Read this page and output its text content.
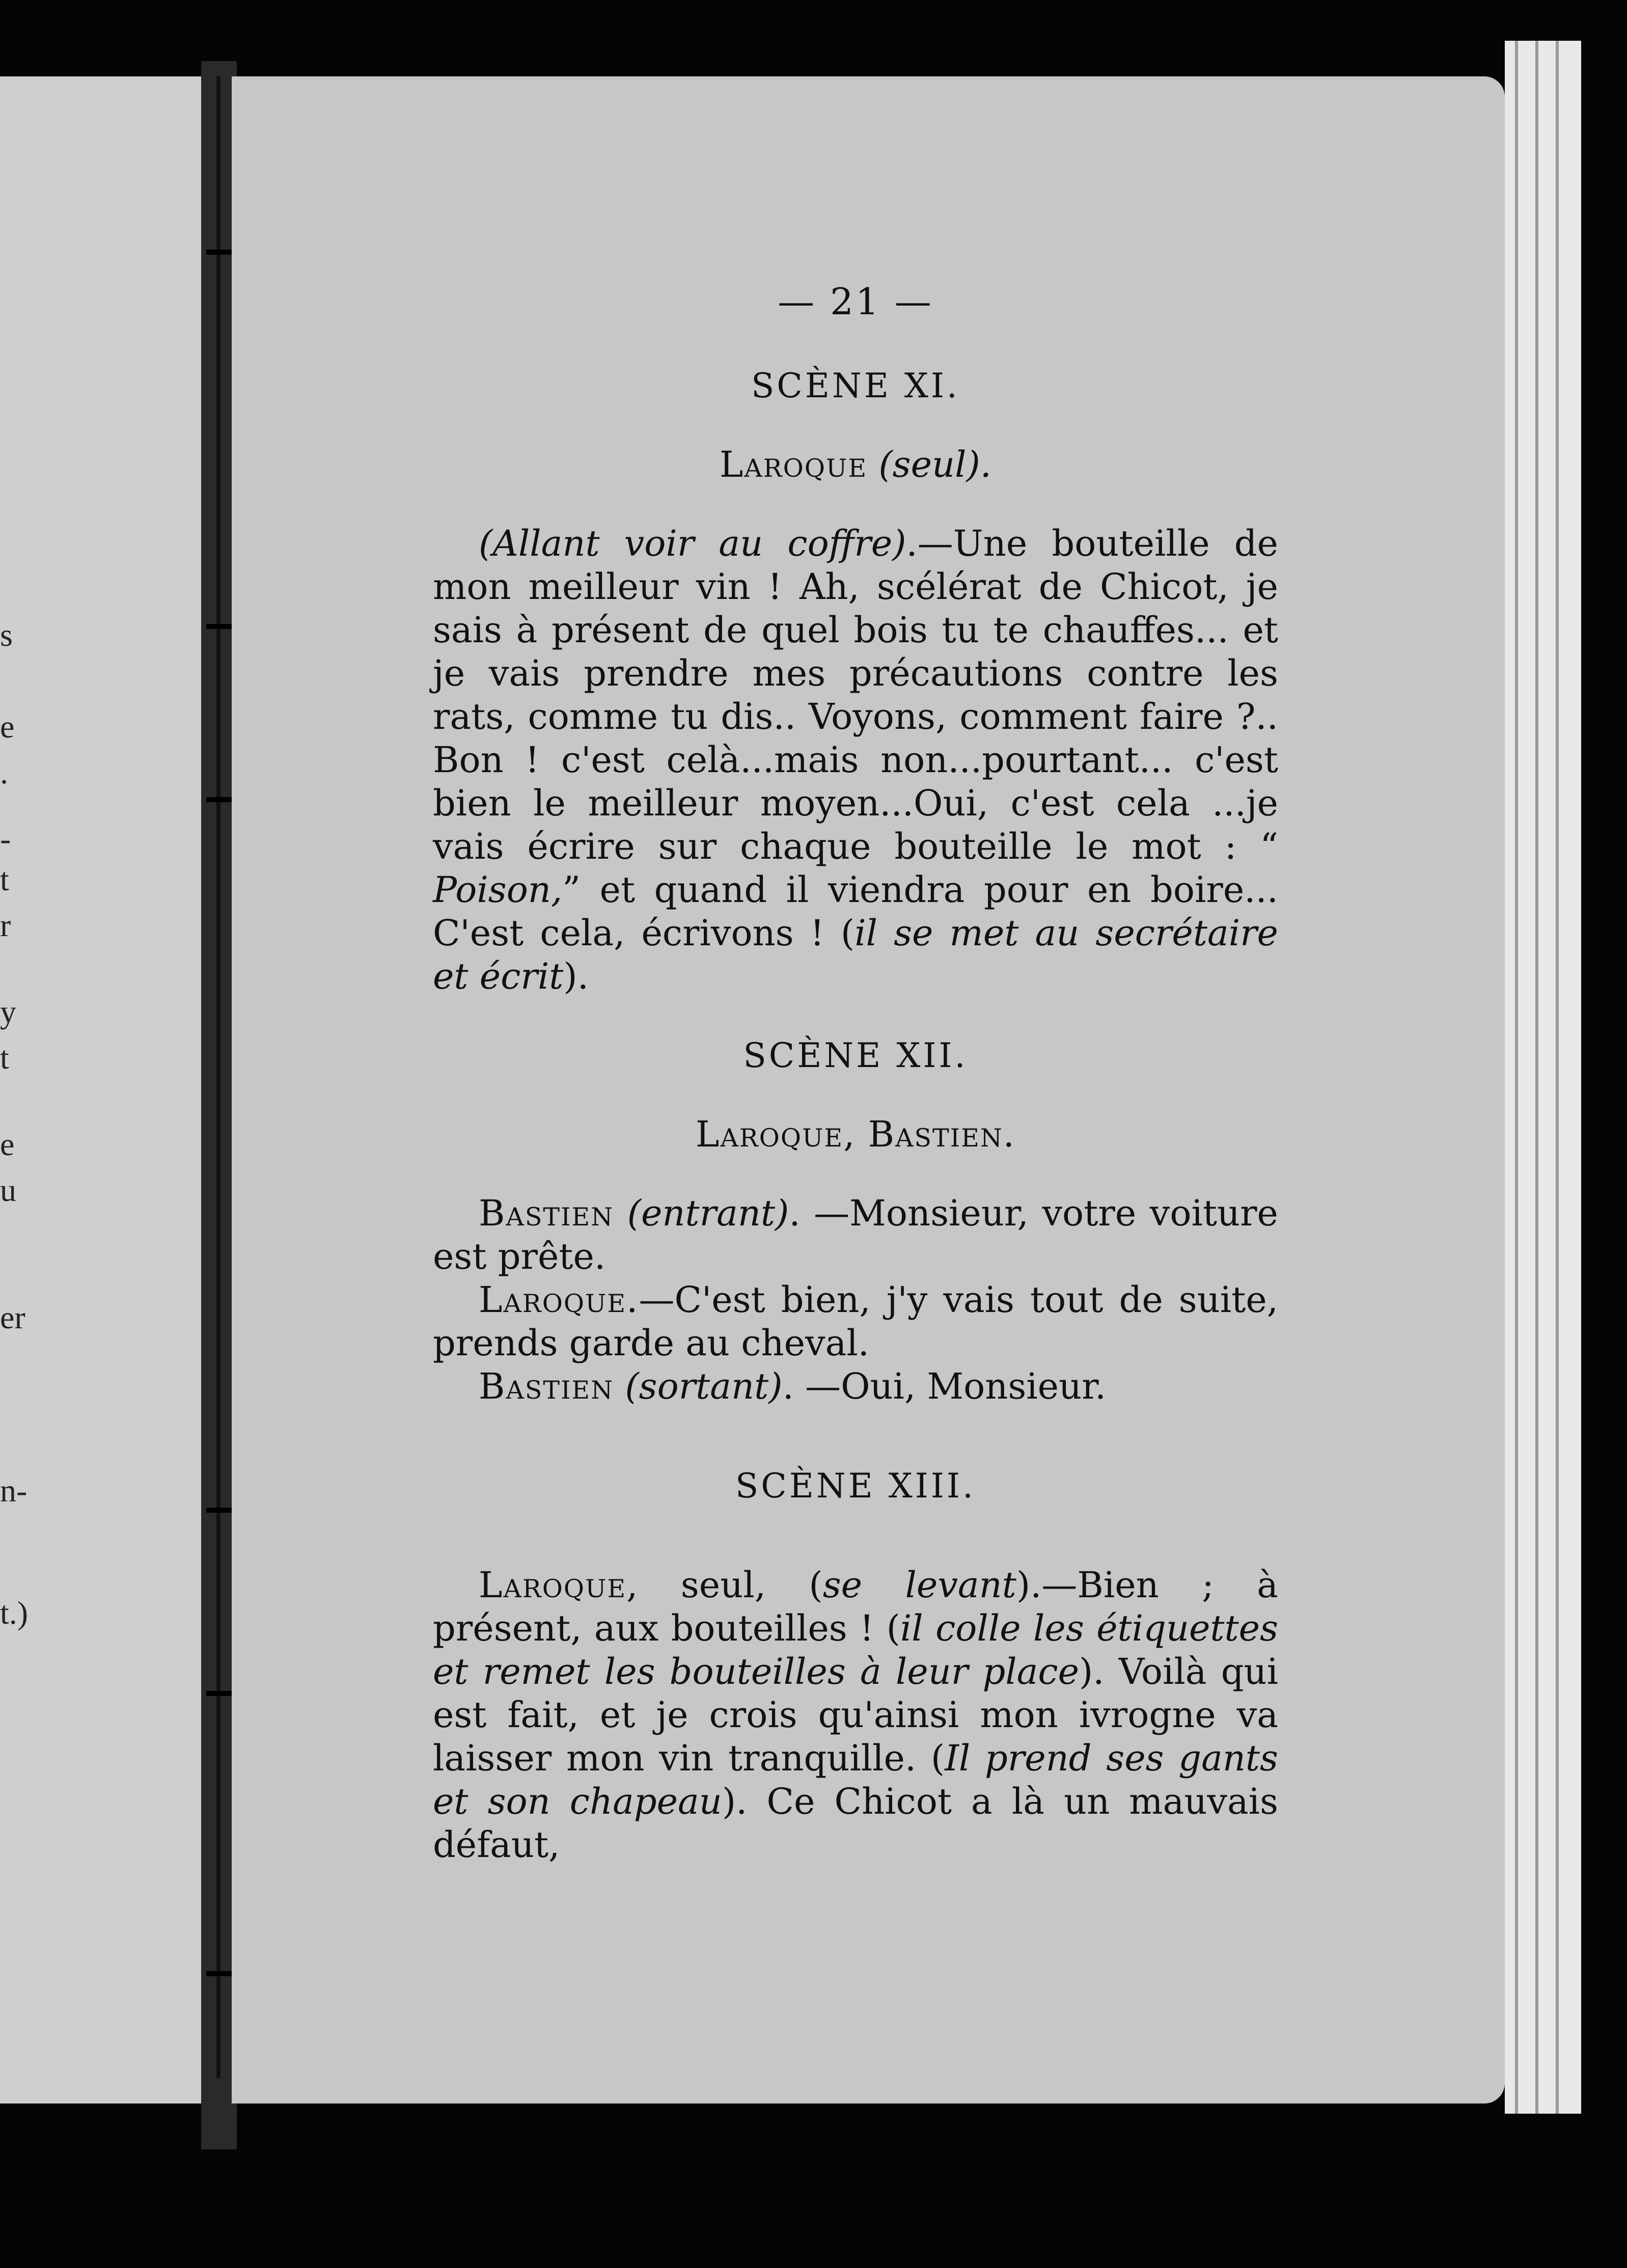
s
e
.
-
t
r
y
t
e
u
er
n-
t.)
— 21 —
SCÈNE XI.
Laroque (seul).

(Allant voir au coffre).—Une bouteille de mon meilleur vin ! Ah, scélérat de Chicot, je sais à présent de quel bois tu te chauffes... et je vais prendre mes précautions contre les rats, comme tu dis.. Voyons, comment faire ?.. Bon ! c'est celà...mais non...pourtant... c'est bien le meilleur moyen...Oui, c'est cela ...je vais écrire sur chaque bouteille le mot : “ Poison,” et quand il viendra pour en boire... C'est cela, écrivons ! (il se met au secrétaire et écrit).

SCÈNE XII.
Laroque, Bastien.

Bastien (entrant). —Monsieur, votre voiture est prête.

Laroque.—C'est bien, j'y vais tout de suite, prends garde au cheval.

Bastien (sortant). —Oui, Monsieur.

SCÈNE XIII.

Laroque, seul, (se levant).—Bien ; à présent, aux bouteilles ! (il colle les étiquettes et remet les bouteilles à leur place). Voilà qui est fait, et je crois qu'ainsi mon ivrogne va laisser mon vin tranquille. (Il prend ses gants et son chapeau). Ce Chicot a là un mauvais défaut,
